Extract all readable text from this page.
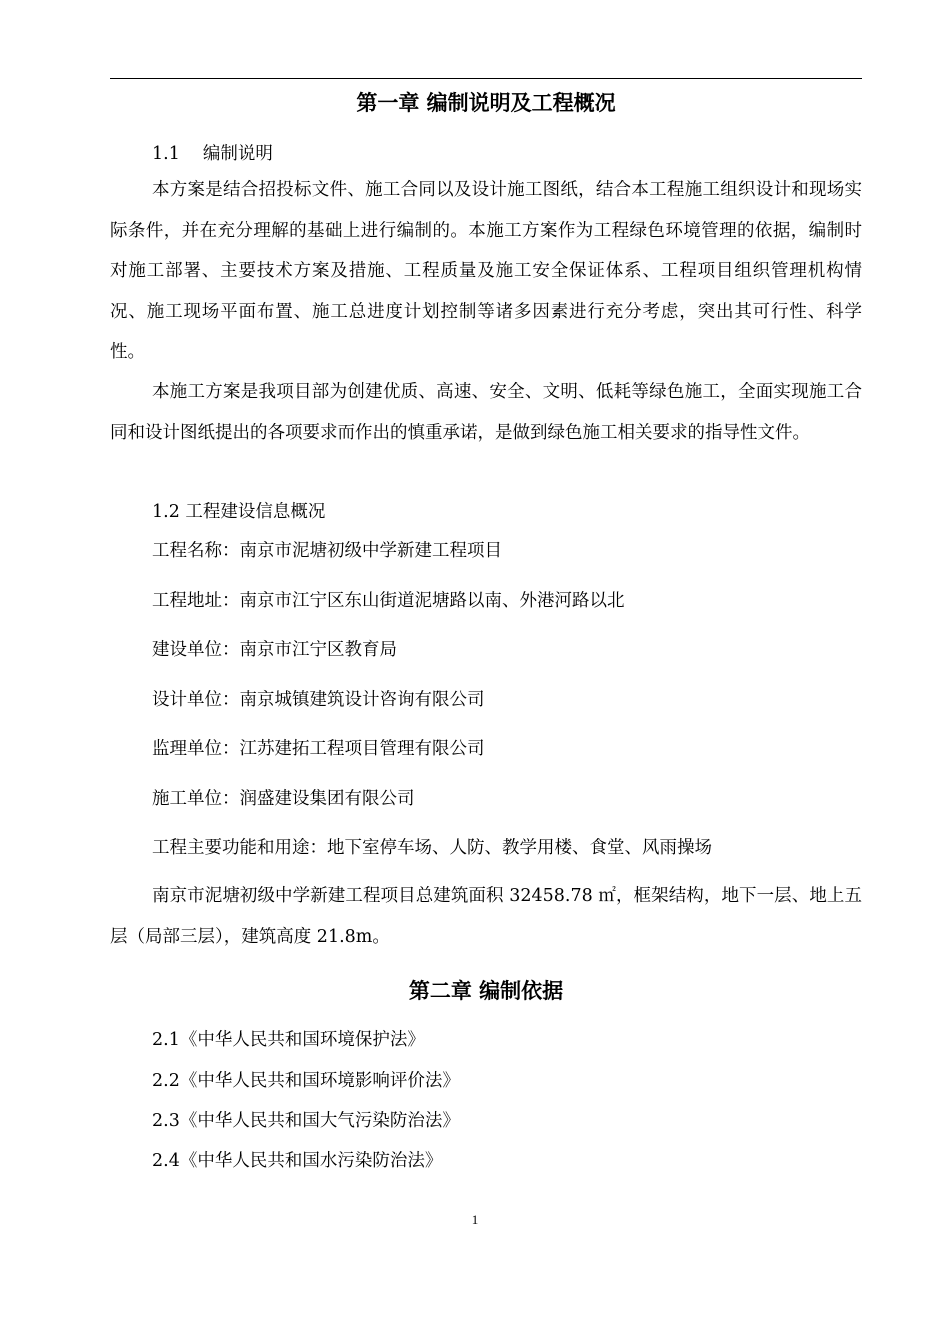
第一章 编制说明及工程概况
1.1　 编制说明
本方案是结合招投标文件、施工合同以及设计施工图纸，结合本工程施工组织设计和现场实际条件，并在充分理解的基础上进行编制的。本施工方案作为工程绿色环境管理的依据，编制时对施工部署、主要技术方案及措施、工程质量及施工安全保证体系、工程项目组织管理机构情况、施工现场平面布置、施工总进度计划控制等诸多因素进行充分考虑，突出其可行性、科学性。
本施工方案是我项目部为创建优质、高速、安全、文明、低耗等绿色施工，全面实现施工合同和设计图纸提出的各项要求而作出的慎重承诺，是做到绿色施工相关要求的指导性文件。
1.2 工程建设信息概况
工程名称：南京市泥塘初级中学新建工程项目
工程地址：南京市江宁区东山街道泥塘路以南、外港河路以北
建设单位：南京市江宁区教育局
设计单位：南京城镇建筑设计咨询有限公司
监理单位：江苏建拓工程项目管理有限公司
施工单位：润盛建设集团有限公司
工程主要功能和用途：地下室停车场、人防、教学用楼、食堂、风雨操场
南京市泥塘初级中学新建工程项目总建筑面积 32458.78 ㎡，框架结构，地下一层、地上五层（局部三层），建筑高度 21.8m。
第二章 编制依据
2.1《中华人民共和国环境保护法》
2.2《中华人民共和国环境影响评价法》
2.3《中华人民共和国大气污染防治法》
2.4《中华人民共和国水污染防治法》
1
